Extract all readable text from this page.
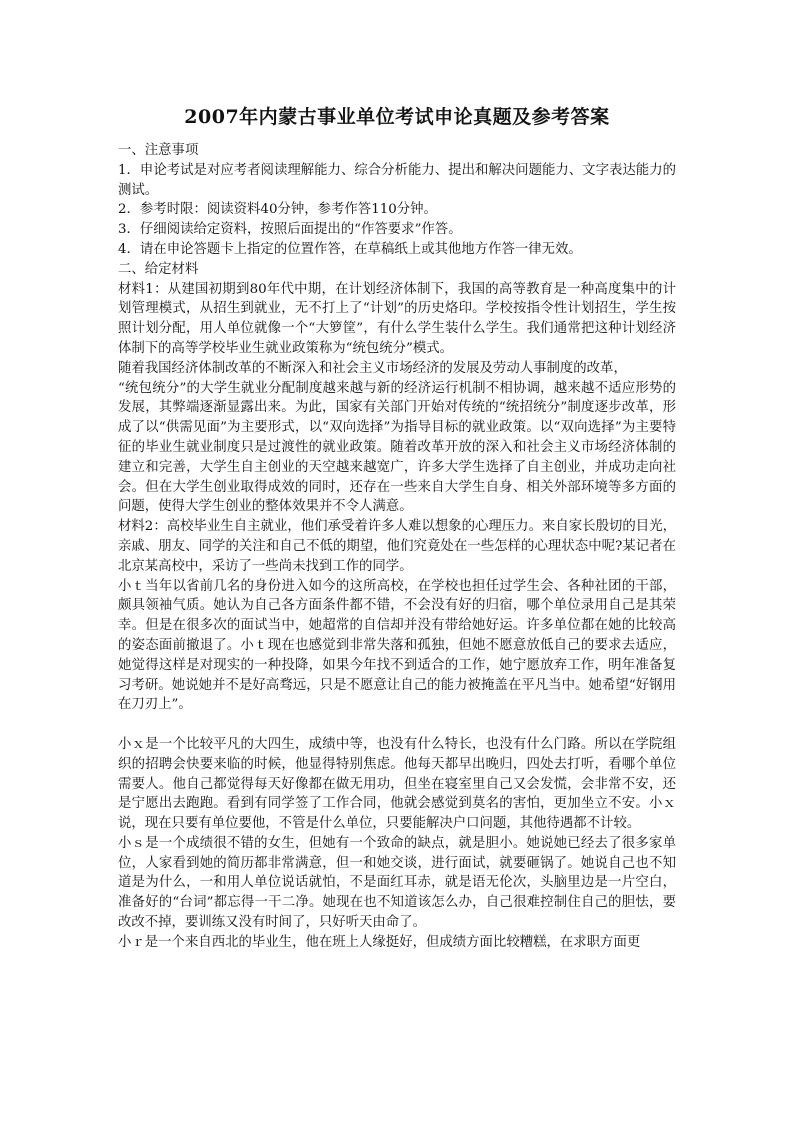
2007年内蒙古事业单位考试申论真题及参考答案

一、注意事项

1．申论考试是对应考者阅读理解能力、综合分析能力、提出和解决问题能力、文字表达能力的测试。

2．参考时限：阅读资料40分钟，参考作答110分钟。

3．仔细阅读给定资料，按照后面提出的“作答要求”作答。

4．请在申论答题卡上指定的位置作答，在草稿纸上或其他地方作答一律无效。

二、给定材料

材料1：从建国初期到80年代中期，在计划经济体制下，我国的高等教育是一种高度集中的计划管理模式，从招生到就业，无不打上了“计划”的历史烙印。学校按指令性计划招生，学生按照计划分配，用人单位就像一个“大箩筐”，有什么学生装什么学生。我们通常把这种计划经济体制下的高等学校毕业生就业政策称为“统包统分”模式。

随着我国经济体制改革的不断深入和社会主义市场经济的发展及劳动人事制度的改革，

“统包统分”的大学生就业分配制度越来越与新的经济运行机制不相协调，越来越不适应形势的发展，其弊端逐渐显露出来。为此，国家有关部门开始对传统的“统招统分”制度逐步改革，形成了以“供需见面”为主要形式，以“双向选择”为指导目标的就业政策。以“双向选择”为主要特征的毕业生就业制度只是过渡性的就业政策。随着改革开放的深入和社会主义市场经济体制的建立和完善，大学生自主创业的天空越来越宽广，许多大学生选择了自主创业，并成功走向社会。但在大学生创业取得成效的同时，还存在一些来自大学生自身、相关外部环境等多方面的问题，使得大学生创业的整体效果并不令人满意。

材料2：高校毕业生自主就业，他们承受着许多人难以想象的心理压力。来自家长殷切的目光，亲戚、朋友、同学的关注和自己不低的期望，他们究竟处在一些怎样的心理状态中呢?某记者在北京某高校中，采访了一些尚未找到工作的同学。

小ｔ当年以省前几名的身份进入如今的这所高校，在学校也担任过学生会、各种社团的干部，颇具领袖气质。她认为自己各方面条件都不错，不会没有好的归宿，哪个单位录用自己是其荣幸。但是在很多次的面试当中，她超常的自信却并没有带给她好运。许多单位都在她的比较高的姿态面前撤退了。小ｔ现在也感觉到非常失落和孤独，但她不愿意放低自己的要求去适应，她觉得这样是对现实的一种投降，如果今年找不到适合的工作，她宁愿放弃工作，明年准备复习考研。她说她并不是好高骛远，只是不愿意让自己的能力被掩盖在平凡当中。她希望“好钢用在刀刃上”。

小ｘ是一个比较平凡的大四生，成绩中等，也没有什么特长，也没有什么门路。所以在学院组织的招聘会快要来临的时候，他显得特别焦虑。他每天都早出晚归，四处去打听，看哪个单位需要人。他自己都觉得每天好像都在做无用功，但坐在寝室里自己又会发慌，会非常不安，还是宁愿出去跑跑。看到有同学签了工作合同，他就会感觉到莫名的害怕，更加坐立不安。小ｘ说，现在只要有单位要他，不管是什么单位，只要能解决户口问题，其他待遇都不计较。

小ｓ是一个成绩很不错的女生，但她有一个致命的缺点，就是胆小。她说她已经去了很多家单位，人家看到她的简历都非常满意，但一和她交谈，进行面试，就要砸锅了。她说自己也不知道是为什么，一和用人单位说话就怕，不是面红耳赤，就是语无伦次，头脑里边是一片空白，准备好的“台词”都忘得一干二净。她现在也不知道该怎么办，自己很难控制住自己的胆怯，要改改不掉，要训练又没有时间了，只好听天由命了。

小ｒ是一个来自西北的毕业生，他在班上人缘挺好，但成绩方面比较糟糕，在求职方面更
